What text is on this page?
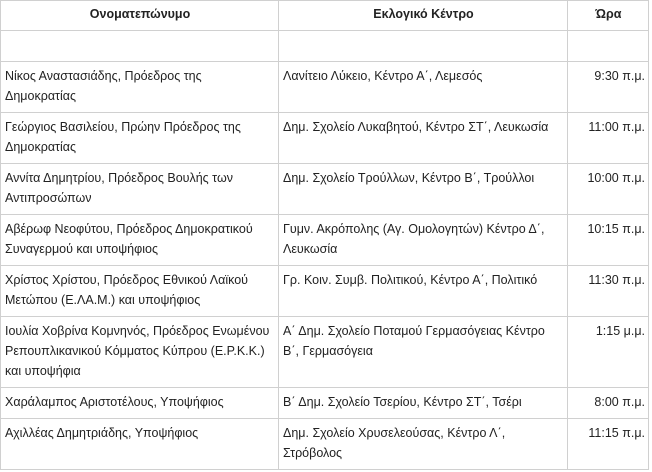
Ονοματεπώνυμο	Εκλογικό Κέντρο	Ώρα

Νίκος Αναστασιάδης, Πρόεδρος της Δημοκρατίας	Λανίτειο Λύκειο, Κέντρο Α΄, Λεμεσός	9:30 π.μ.
Γεώργιος Βασιλείου, Πρώην Πρόεδρος της Δημοκρατίας	Δημ. Σχολείο Λυκαβητού, Κέντρο ΣΤ΄, Λευκωσία	11:00 π.μ.
Αννίτα Δημητρίου, Πρόεδρος Βουλής των Αντιπροσώπων	Δημ. Σχολείο Τρούλλων, Κέντρο Β΄, Τρούλλοι	10:00 π.μ.
Αβέρωφ Νεοφύτου, Πρόεδρος Δημοκρατικού Συναγερμού και υποψήφιος	Γυμν. Ακρόπολης (Αγ. Ομολογητών) Κέντρο Δ΄, Λευκωσία	10:15 π.μ.
Χρίστος Χρίστου, Πρόεδρος Εθνικού Λαϊκού Μετώπου (Ε.ΛΑ.Μ.) και υποψήφιος	Γρ. Κοιν. Συμβ. Πολιτικού, Κέντρο Α΄, Πολιτικό	11:30 π.μ.
Ιουλία Χοβρίνα Κομνηνός, Πρόεδρος Ενωμένου Ρεπουπλικανικού Κόμματος Κύπρου (Ε.Ρ.Κ.Κ.) και υποψήφια	Α΄ Δημ. Σχολείο Ποταμού Γερμασόγειας Κέντρο Β΄, Γερμασόγεια	1:15 μ.μ.
Χαράλαμπος Αριστοτέλους, Υποψήφιος	Β΄ Δημ. Σχολείο Τσερίου, Κέντρο ΣΤ΄, Τσέρι	8:00 π.μ.
Αχιλλέας Δημητριάδης, Υποψήφιος	Δημ. Σχολείο Χρυσελεούσας, Κέντρο Λ΄, Στρόβολος	11:15 π.μ.
